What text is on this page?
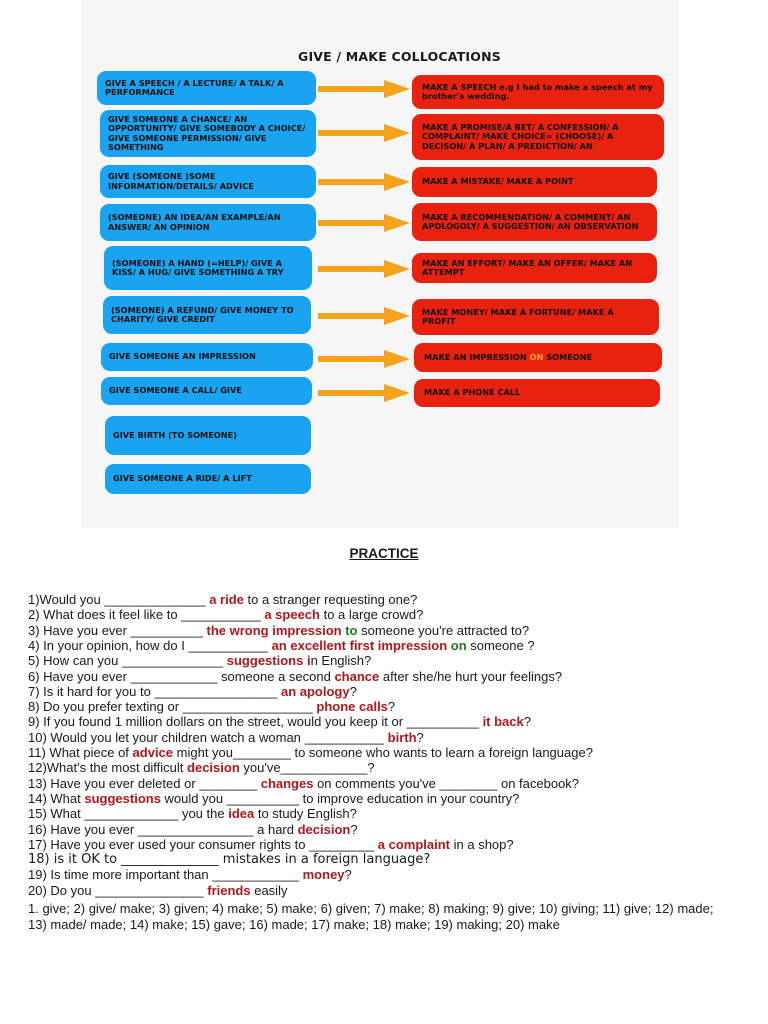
GIVE / MAKE COLLOCATIONS
GIVE A SPEECH / A LECTURE/ A TALK/ A PERFORMANCE
GIVE SOMEONE A CHANCE/ AN OPPORTUNITY/ GIVE SOMEBODY A CHOICE/ GIVE SOMEONE PERMISSION/ GIVE SOMETHING
GIVE (SOMEONE )SOME INFORMATION/DETAILS/ ADVICE
(SOMEONE) AN IDEA/AN EXAMPLE/AN ANSWER/ AN OPINION
(SOMEONE) A HAND (=HELP)/ GIVE A KISS/ A HUG/ GIVE SOMETHING A TRY
(SOMEONE) A REFUND/ GIVE MONEY TO CHARITY/ GIVE CREDIT
GIVE SOMEONE AN IMPRESSION
GIVE SOMEONE A CALL/ GIVE
GIVE BIRTH (TO SOMEONE)
GIVE SOMEONE A RIDE/ A LIFT
MAKE A SPEECH e.g I had to make a speech at my brother's wedding.
MAKE A PROMISE/A BET/ A CONFESSION/ A COMPLAINT/ MAKE CHOICE= (CHOOSE)/ A DECISON/ A PLAN/ A PREDICTION/ AN
MAKE A MISTAKE/ MAKE A POINT
MAKE A RECOMMENDATION/ A COMMENT/ AN APOLOGOLY/ A SUGGESTION/ AN OBSERVATION
MAKE AN EFFORT/ MAKE AN OFFER/ MAKE AN ATTEMPT
MAKE MONEY/ MAKE A FORTUNE/ MAKE A PROFIT
MAKE AN IMPRESSION ON SOMEONE
MAKE A PHONE CALL
PRACTICE
1)Would you ______________ a ride to a stranger requesting one?
2) What does it feel like to ___________ a speech to a large crowd?
3) Have you ever __________ the wrong impression to someone you're attracted to?
4) In your opinion, how do I ___________ an excellent first impression on someone ?
5) How can you ______________ suggestions in English?
6) Have you ever ____________ someone a second chance after she/he hurt your feelings?
7) Is it hard for you to _________________ an apology?
8) Do you prefer texting or __________________ phone calls?
9) If you found 1 million dollars on the street, would you keep it or __________ it back?
10) Would you let your children watch a woman ___________ birth?
11) What piece of advice might you________ to someone who wants to learn a foreign language?
12)What's the most difficult decision you've____________?
13) Have you ever deleted or ________ changes on comments you've ________ on facebook?
14) What suggestions would you __________ to improve education in your country?
15) What _____________ you the idea to study English?
16) Have you ever ________________ a hard decision?
17) Have you ever used your consumer rights to _________ a complaint in a shop?
18) is it OK to _______________ mistakes in a foreign language?
19) Is time more important than ____________ money?
20) Do you _______________ friends easily
1. give; 2) give/ make; 3) given; 4) make; 5) make; 6) given; 7) make; 8) making; 9) give; 10) giving; 11) give; 12) made; 13) made/ made; 14) make; 15) gave; 16) made; 17) make; 18) make; 19) making; 20) make
